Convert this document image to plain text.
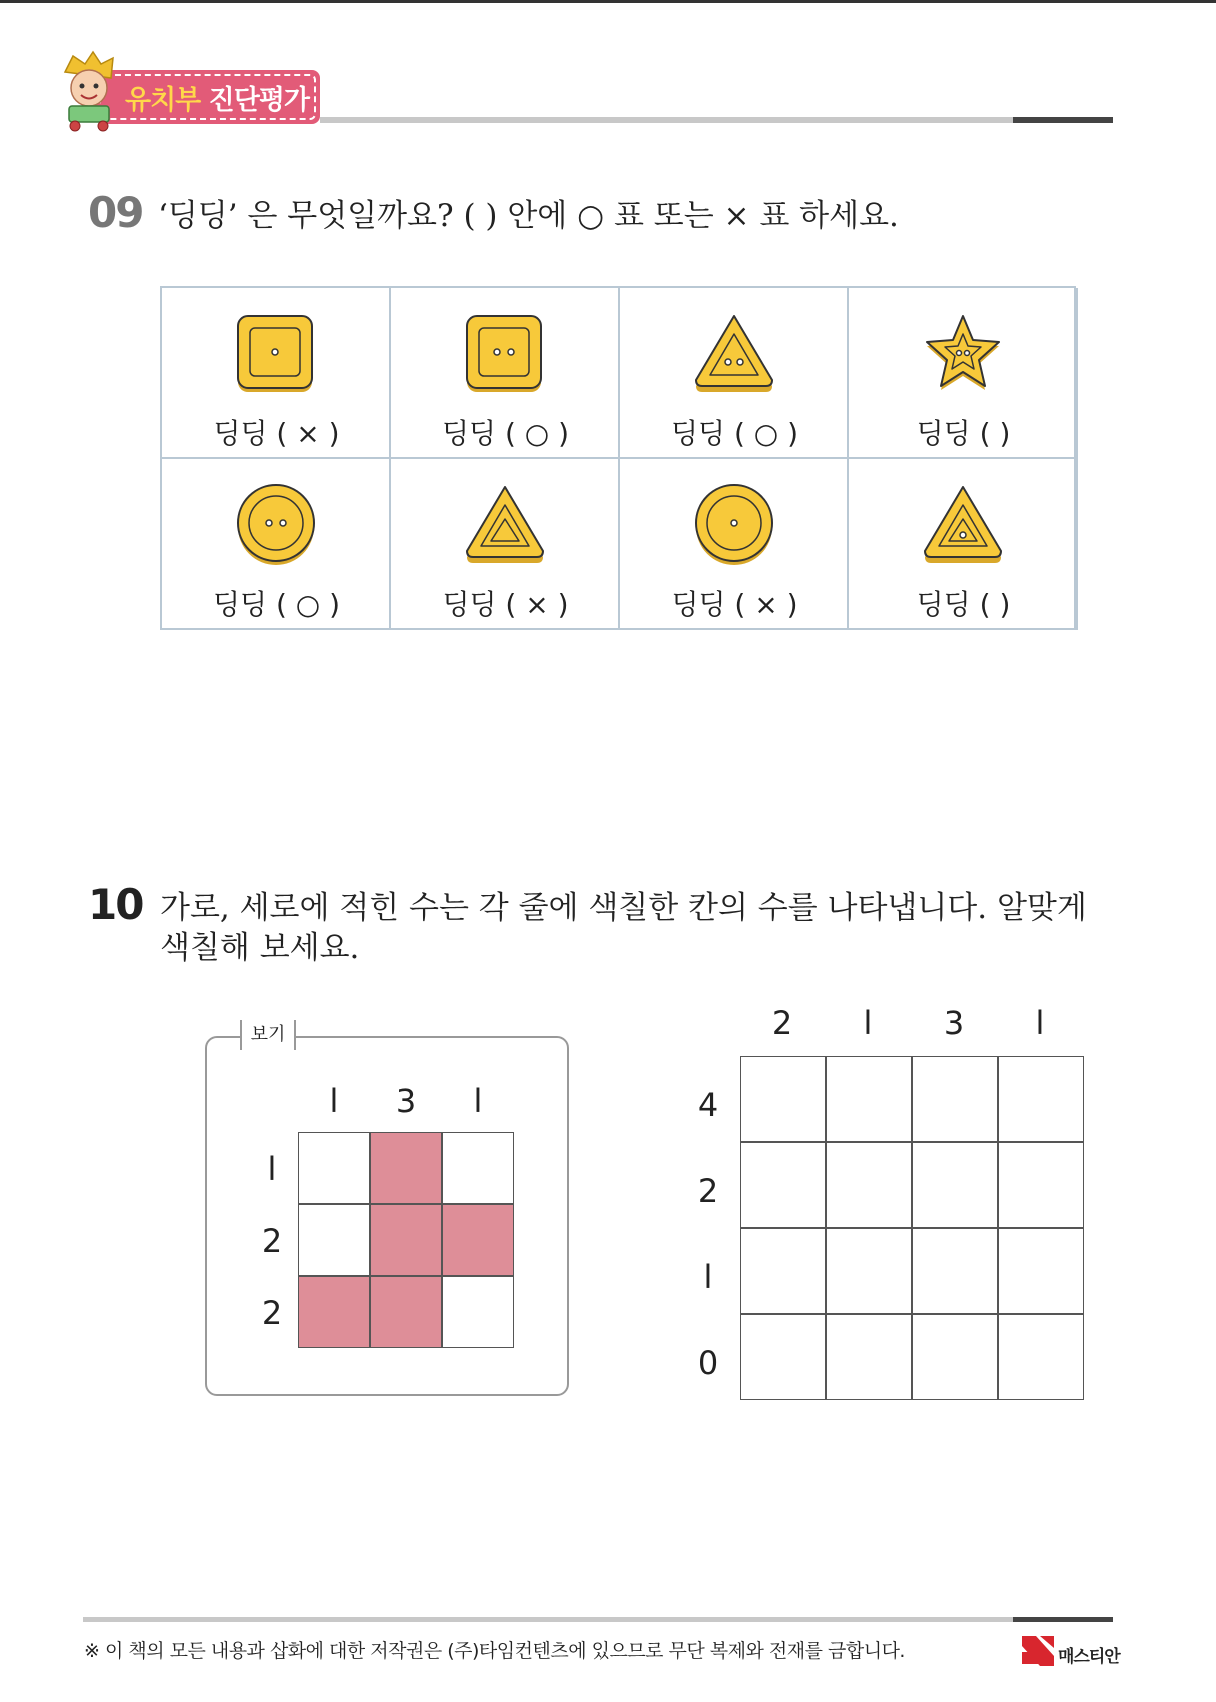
유치부 진단평가
09 ‘딩딩’ 은 무엇일까요? ( ) 안에 ○ 표 또는 × 표 하세요.
딩딩 ( × )	딩딩 ( ○ )	딩딩 ( ○ )	딩딩 ( )
딩딩 ( ○ )	딩딩 ( × )	딩딩 ( × )	딩딩 ( )
10 가로, 세로에 적힌 수는 각 줄에 색칠한 칸의 수를 나타냅니다. 알맞게
색칠해 보세요.
보기
l	3	l
l
2
2
2	l	3	l
4
2
l
0
※ 이 책의 모든 내용과 삽화에 대한 저작권은 (주)타임컨텐츠에 있으므로 무단 복제와 전재를 금합니다.	매스티안
